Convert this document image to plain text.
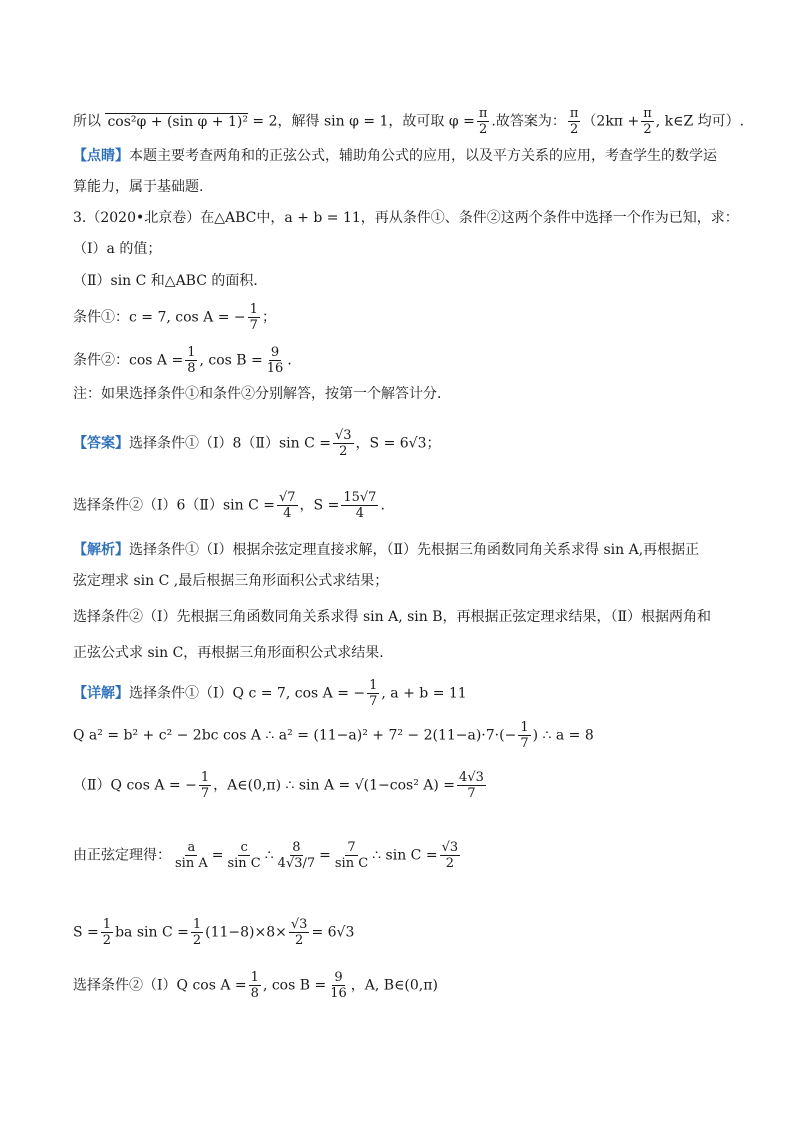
所以 cos²φ + (sin φ + 1)² = 2，解得 sin φ = 1，故可取 $\varphi = \frac{\pi}{2}$ .故答案为： $\frac{\pi}{2} (2k\pi + \frac{\pi}{2}$ , k∈Z 均可）.
【点睛】本题主要考查两角和的正弦公式，辅助角公式的应用，以及平方关系的应用，考查学生的数学运
算能力，属于基础题.
3.（2020•北京卷）在△ABC中，a + b = 11，再从条件①、条件②这两个条件中选择一个作为已知，求：
（Ⅰ）a 的值；
（Ⅱ）sin C 和△ABC 的面积．
条件①：c = 7, cos A = − $\frac{1}{7}$ ；
条件②：$\cos A = \frac{1}{8}$ , $\cos B = \frac{9}{16}$ ．
注：如果选择条件①和条件②分别解答，按第一个解答计分．
【答案】选择条件①（Ⅰ）8（Ⅱ）sin $C = \frac{√3}{2}$ ，S = 6√3；
选择条件②（Ⅰ）6（Ⅱ）sin $C = \frac{√7}{4}$ ，$S = \frac{15√7}{4}$ .
【解析】选择条件①（Ⅰ）根据余弦定理直接求解，（Ⅱ）先根据三角函数同角关系求得 sin A,再根据正
弦定理求 sin C ,最后根据三角形面积公式求结果；
选择条件②（Ⅰ）先根据三角函数同角关系求得 sin A, sin B，再根据正弦定理求结果，（Ⅱ）根据两角和
正弦公式求 sin C，再根据三角形面积公式求结果.
【详解】选择条件①（Ⅰ）Q c = 7, cos A = − $\frac{1}{7}$ , a + b = 11
Q a² = b² + c² − 2bc cos A ∴ $a^2 = (11-a)^2 + 7^2 - 2(11-a)\cdot 7\cdot(- \frac{1}{7}$ ) ∴ a = 8
（Ⅱ）Q cos A = − $\frac{1}{7}$ ，A∈(0,π) ∴ sin A = √(1−cos² $A) = \frac{4√3}{7}$
由正弦定理得： $\frac{a}{\text{sin A}} = \frac{c}{\text{sin C}}$ ∴ $\frac{8}{4√3/7} = \frac{7}{\text{sin C}}$ ∴ $\sin C = \frac{√3}{2}$
$S = \frac{1}{2}$ ba $\sin C = \frac{1}{2} (11-8)\times 8\times \frac{√3}{2} = 6√3$
选择条件②（Ⅰ）Q $\cos A = \frac{1}{8}$ , $\cos B = \frac{9}{16}$ ，A, B∈(0,π)
